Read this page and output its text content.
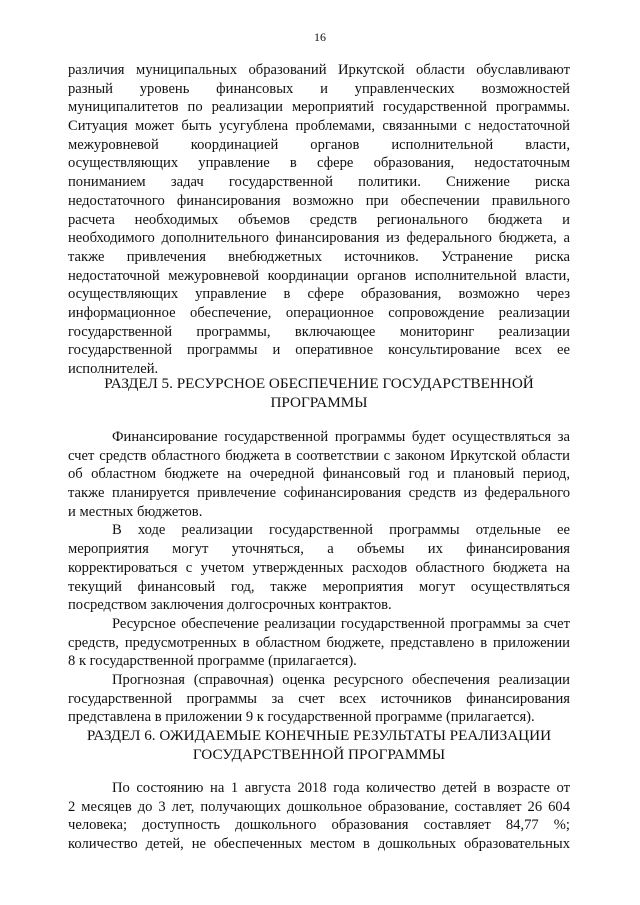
16
различия муниципальных образований Иркутской области обуславливают
разный уровень финансовых и управленческих возможностей
муниципалитетов по реализации мероприятий государственной программы.
Ситуация может быть усугублена проблемами, связанными с недостаточной
межуровневой координацией органов исполнительной власти,
осуществляющих управление в сфере образования, недостаточным
пониманием задач государственной политики. Снижение риска
недостаточного финансирования возможно при обеспечении правильного
расчета необходимых объемов средств регионального бюджета и
необходимого дополнительного финансирования из федерального бюджета, а
также привлечения внебюджетных источников. Устранение риска
недостаточной межуровневой координации органов исполнительной власти,
осуществляющих управление в сфере образования, возможно через
информационное обеспечение, операционное сопровождение реализации
государственной программы, включающее мониторинг реализации
государственной программы и оперативное консультирование всех ее
исполнителей.
РАЗДЕЛ 5. РЕСУРСНОЕ ОБЕСПЕЧЕНИЕ ГОСУДАРСТВЕННОЙ
ПРОГРАММЫ
Финансирование государственной программы будет осуществляться за
счет средств областного бюджета в соответствии с законом Иркутской области
об областном бюджете на очередной финансовый год и плановый период,
также планируется привлечение софинансирования средств из федерального
и местных бюджетов.
В ходе реализации государственной программы отдельные ее
мероприятия могут уточняться, а объемы их финансирования
корректироваться с учетом утвержденных расходов областного бюджета на
текущий финансовый год, также мероприятия могут осуществляться
посредством заключения долгосрочных контрактов.
Ресурсное обеспечение реализации государственной программы за счет
средств, предусмотренных в областном бюджете, представлено в приложении
8 к государственной программе (прилагается).
Прогнозная (справочная) оценка ресурсного обеспечения реализации
государственной программы за счет всех источников финансирования
представлена в приложении 9 к государственной программе (прилагается).
РАЗДЕЛ 6. ОЖИДАЕМЫЕ КОНЕЧНЫЕ РЕЗУЛЬТАТЫ РЕАЛИЗАЦИИ
ГОСУДАРСТВЕННОЙ ПРОГРАММЫ
По состоянию на 1 августа 2018 года количество детей в возрасте от
2 месяцев до 3 лет, получающих дошкольное образование, составляет 26 604
человека; доступность дошкольного образования составляет 84,77 %;
количество детей, не обеспеченных местом в дошкольных образовательных
